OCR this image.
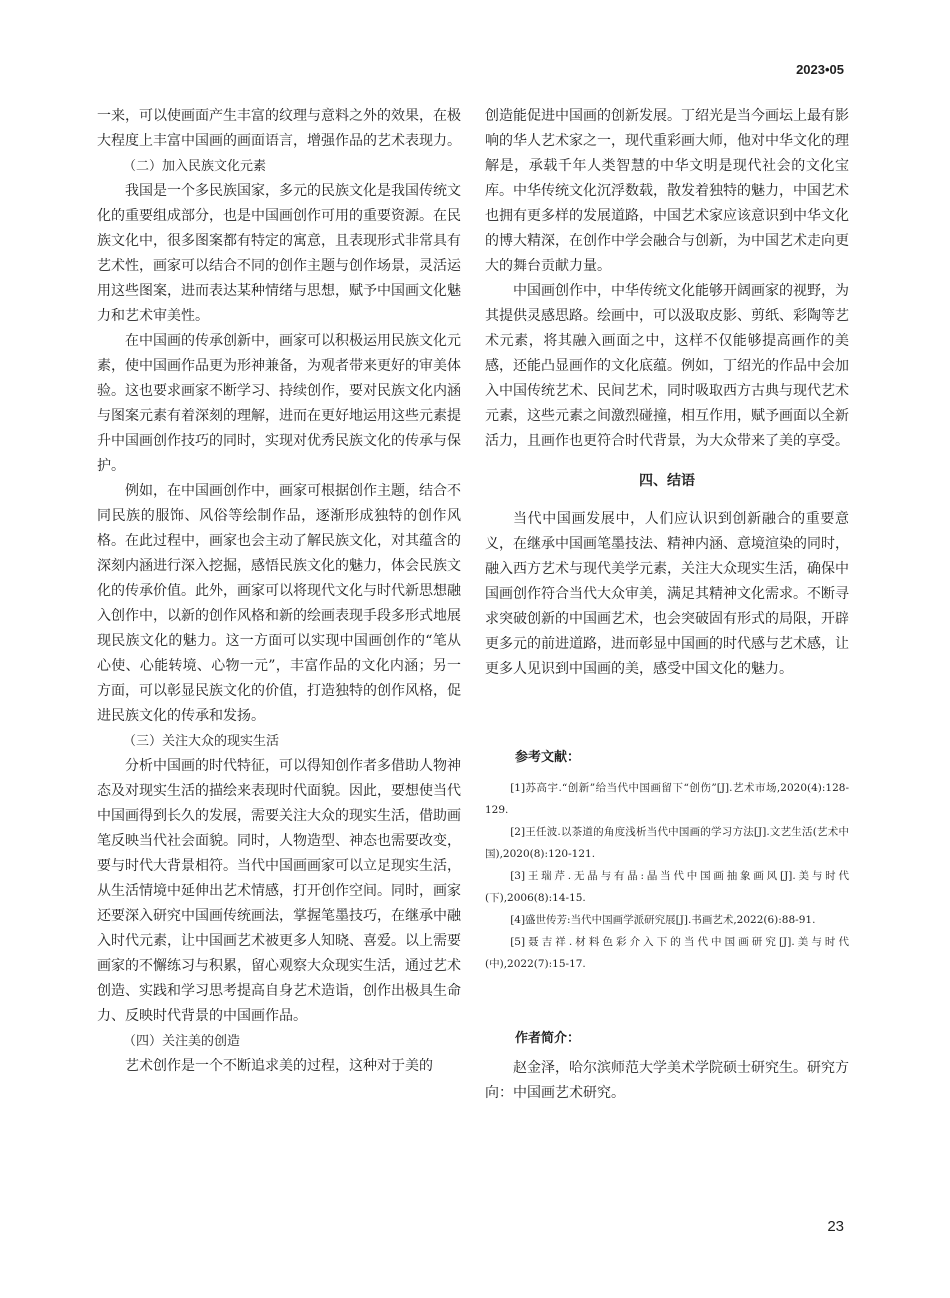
2023•05

一来，可以使画面产生丰富的纹理与意料之外的效果，在极大程度上丰富中国画的画面语言，增强作品的艺术表现力。

（二）加入民族文化元素

我国是一个多民族国家，多元的民族文化是我国传统文化的重要组成部分，也是中国画创作可用的重要资源。在民族文化中，很多图案都有特定的寓意，且表现形式非常具有艺术性，画家可以结合不同的创作主题与创作场景，灵活运用这些图案，进而表达某种情绪与思想，赋予中国画文化魅力和艺术审美性。

在中国画的传承创新中，画家可以积极运用民族文化元素，使中国画作品更为形神兼备，为观者带来更好的审美体验。这也要求画家不断学习、持续创作，要对民族文化内涵与图案元素有着深刻的理解，进而在更好地运用这些元素提升中国画创作技巧的同时，实现对优秀民族文化的传承与保护。

例如，在中国画创作中，画家可根据创作主题，结合不同民族的服饰、风俗等绘制作品，逐渐形成独特的创作风格。在此过程中，画家也会主动了解民族文化，对其蕴含的深刻内涵进行深入挖掘，感悟民族文化的魅力，体会民族文化的传承价值。此外，画家可以将现代文化与时代新思想融入创作中，以新的创作风格和新的绘画表现手段多形式地展现民族文化的魅力。这一方面可以实现中国画创作的“笔从心使、心能转境、心物一元”，丰富作品的文化内涵；另一方面，可以彰显民族文化的价值，打造独特的创作风格，促进民族文化的传承和发扬。

（三）关注大众的现实生活

分析中国画的时代特征，可以得知创作者多借助人物神态及对现实生活的描绘来表现时代面貌。因此，要想使当代中国画得到长久的发展，需要关注大众的现实生活，借助画笔反映当代社会面貌。同时，人物造型、神态也需要改变，要与时代大背景相符。当代中国画画家可以立足现实生活，从生活情境中延伸出艺术情感，打开创作空间。同时，画家还要深入研究中国画传统画法，掌握笔墨技巧，在继承中融入时代元素，让中国画艺术被更多人知晓、喜爱。以上需要画家的不懈练习与积累，留心观察大众现实生活，通过艺术创造、实践和学习思考提高自身艺术造诣，创作出极具生命力、反映时代背景的中国画作品。

（四）关注美的创造

艺术创作是一个不断追求美的过程，这种对于美的

创造能促进中国画的创新发展。丁绍光是当今画坛上最有影响的华人艺术家之一，现代重彩画大师，他对中华文化的理解是，承载千年人类智慧的中华文明是现代社会的文化宝库。中华传统文化沉浮数载，散发着独特的魅力，中国艺术也拥有更多样的发展道路，中国艺术家应该意识到中华文化的博大精深，在创作中学会融合与创新，为中国艺术走向更大的舞台贡献力量。

中国画创作中，中华传统文化能够开阔画家的视野，为其提供灵感思路。绘画中，可以汲取皮影、剪纸、彩陶等艺术元素，将其融入画面之中，这样不仅能够提高画作的美感，还能凸显画作的文化底蕴。例如，丁绍光的作品中会加入中国传统艺术、民间艺术，同时吸取西方古典与现代艺术元素，这些元素之间激烈碰撞，相互作用，赋予画面以全新活力，且画作也更符合时代背景，为大众带来了美的享受。

四、结语

当代中国画发展中，人们应认识到创新融合的重要意义，在继承中国画笔墨技法、精神内涵、意境渲染的同时，融入西方艺术与现代美学元素，关注大众现实生活，确保中国画创作符合当代大众审美，满足其精神文化需求。不断寻求突破创新的中国画艺术，也会突破固有形式的局限，开辟更多元的前进道路，进而彰显中国画的时代感与艺术感，让更多人见识到中国画的美，感受中国文化的魅力。

参考文献：

[1]苏高宇.“创新”给当代中国画留下“创伤”[J].艺术市场,2020(4):128-129.

[2]王任波.以茶道的角度浅析当代中国画的学习方法[J].文艺生活(艺术中国),2020(8):120-121.

[3]王瑞芹.无晶与有晶:晶当代中国画抽象画风[J].美与时代(下),2006(8):14-15.

[4]盛世传芳:当代中国画学派研究展[J].书画艺术,2022(6):88-91.

[5]聂吉祥.材料色彩介入下的当代中国画研究[J].美与时代(中),2022(7):15-17.

作者简介：

赵金泽，哈尔滨师范大学美术学院硕士研究生。研究方向：中国画艺术研究。

23
